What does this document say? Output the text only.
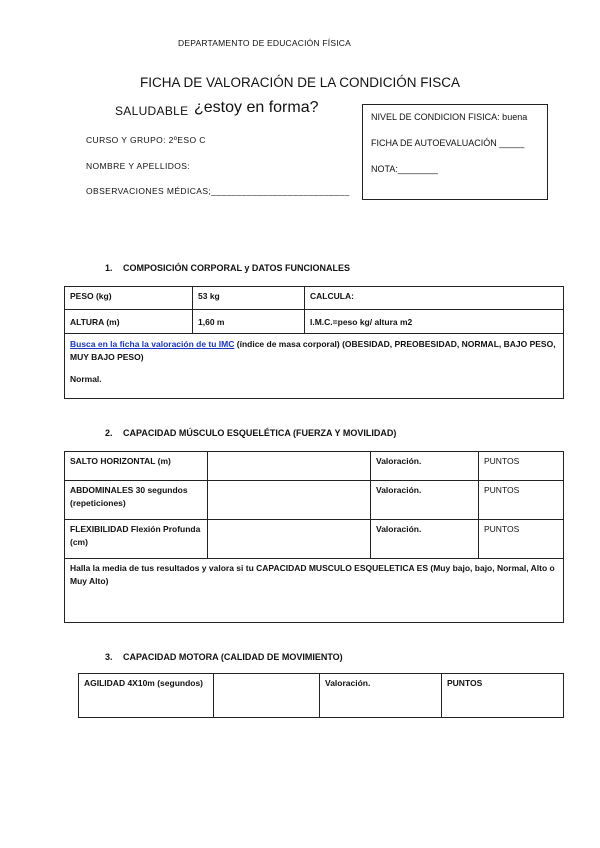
DEPARTAMENTO DE EDUCACIÓN FÍSICA
FICHA DE VALORACIÓN DE LA CONDICIÓN FISCA
SALUDABLE ¿estoy en forma?
CURSO Y GRUPO: 2ºESO C
NOMBRE Y APELLIDOS:
OBSERVACIONES MÉDICAS;___________________________
NIVEL DE CONDICION FISICA: buena
FICHA DE AUTOEVALUACIÓN _____
NOTA:________
1. COMPOSICIÓN CORPORAL y DATOS FUNCIONALES
PESO (kg)	53 kg	CALCULA:
ALTURA (m)	1,60 m	I.M.C.=peso kg/ altura m2

Busca en la ficha la valoración de tu IMC (índice de masa corporal) (OBESIDAD, PREOBESIDAD, NORMAL, BAJO PESO, MUY BAJO PESO)
Normal.		
2. CAPACIDAD MÚSCULO ESQUELÉTICA (FUERZA Y MOVILIDAD)
SALTO HORIZONTAL (m)		Valoración.	PUNTOS
ABDOMINALES 30 segundos (repeticiones)		Valoración.	PUNTOS
FLEXIBILIDAD Flexión Profunda (cm)		Valoración.	PUNTOS
Halla la media de tus resultados y valora si tu CAPACIDAD MUSCULO ESQUELETICA ES (Muy bajo, bajo, Normal, Alto o Muy Alto)			
3. CAPACIDAD MOTORA (CALIDAD DE MOVIMIENTO)
AGILIDAD 4X10m (segundos)		Valoración.	PUNTOS
